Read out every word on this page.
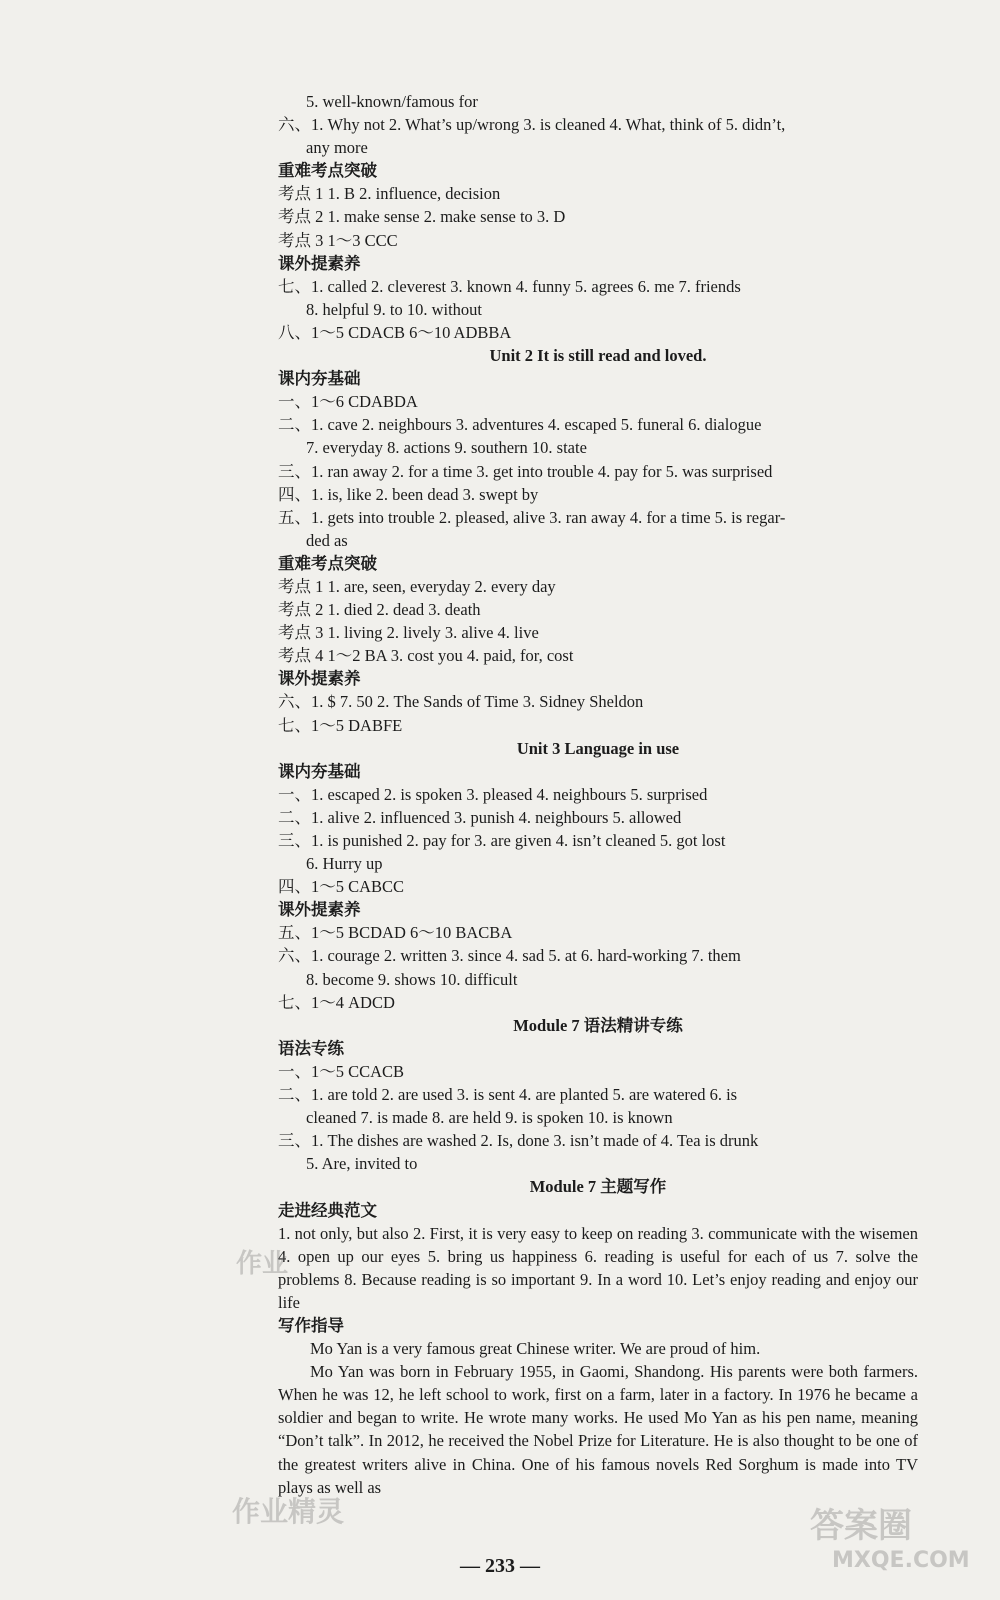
5. well-known/famous for
六、1. Why not 2. What’s up/wrong 3. is cleaned 4. What, think of 5. didn’t,
any more
重难考点突破
考点 1 1. B 2. influence, decision
考点 2 1. make sense 2. make sense to 3. D
考点 3 1～3 CCC
课外提素养
七、1. called 2. cleverest 3. known 4. funny 5. agrees 6. me 7. friends
8. helpful 9. to 10. without
八、1～5 CDACB 6～10 ADBBA
Unit 2 It is still read and loved.
课内夯基础
一、1～6 CDABDA
二、1. cave 2. neighbours 3. adventures 4. escaped 5. funeral 6. dialogue
7. everyday 8. actions 9. southern 10. state
三、1. ran away 2. for a time 3. get into trouble 4. pay for 5. was surprised
四、1. is, like 2. been dead 3. swept by
五、1. gets into trouble 2. pleased, alive 3. ran away 4. for a time 5. is regar-
ded as
重难考点突破
考点 1 1. are, seen, everyday 2. every day
考点 2 1. died 2. dead 3. death
考点 3 1. living 2. lively 3. alive 4. live
考点 4 1～2 BA 3. cost you 4. paid, for, cost
课外提素养
六、1. $ 7. 50 2. The Sands of Time 3. Sidney Sheldon
七、1～5 DABFE
Unit 3 Language in use
课内夯基础
一、1. escaped 2. is spoken 3. pleased 4. neighbours 5. surprised
二、1. alive 2. influenced 3. punish 4. neighbours 5. allowed
三、1. is punished 2. pay for 3. are given 4. isn’t cleaned 5. got lost
6. Hurry up
四、1～5 CABCC
课外提素养
五、1～5 BCDAD 6～10 BACBA
六、1. courage 2. written 3. since 4. sad 5. at 6. hard-working 7. them
8. become 9. shows 10. difficult
七、1～4 ADCD
Module 7 语法精讲专练
语法专练
一、1～5 CCACB
二、1. are told 2. are used 3. is sent 4. are planted 5. are watered 6. is
cleaned 7. is made 8. are held 9. is spoken 10. is known
三、1. The dishes are washed 2. Is, done 3. isn’t made of 4. Tea is drunk
5. Are, invited to
Module 7 主题写作
走进经典范文
1. not only, but also 2. First, it is very easy to keep on reading 3. communicate with the wisemen 4. open up our eyes 5. bring us happiness 6. reading is useful for each of us 7. solve the problems 8. Because reading is so important 9. In a word 10. Let’s enjoy reading and enjoy our life
写作指导
Mo Yan is a very famous great Chinese writer. We are proud of him.
Mo Yan was born in February 1955, in Gaomi, Shandong. His parents were both farmers. When he was 12, he left school to work, first on a farm, later in a factory. In 1976 he became a soldier and began to write. He wrote many works. He used Mo Yan as his pen name, meaning “Don’t talk”. In 2012, he received the Nobel Prize for Literature. He is also thought to be one of the greatest writers alive in China. One of his famous novels Red Sorghum is made into TV plays as well as
— 233 —
作业
作业精灵	答案圈
MXQE.COM
